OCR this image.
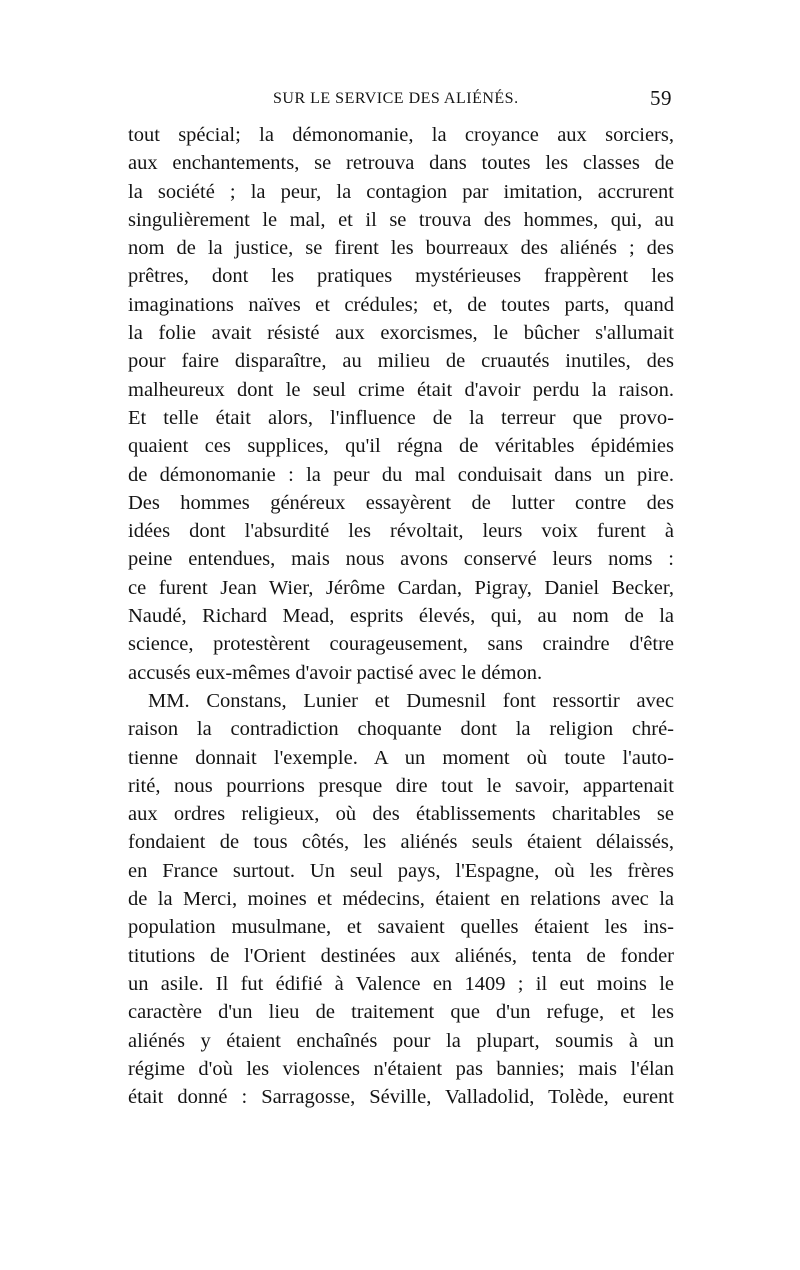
SUR LE SERVICE DES ALIÉNÉS.	59
tout spécial; la démonomanie, la croyance aux sorciers,
aux enchantements, se retrouva dans toutes les classes de
la société ; la peur, la contagion par imitation, accrurent
singulièrement le mal, et il se trouva des hommes, qui, au
nom de la justice, se firent les bourreaux des aliénés ; des
prêtres, dont les pratiques mystérieuses frappèrent les
imaginations naïves et crédules; et, de toutes parts, quand
la folie avait résisté aux exorcismes, le bûcher s'allumait
pour faire disparaître, au milieu de cruautés inutiles, des
malheureux dont le seul crime était d'avoir perdu la raison.
Et telle était alors, l'influence de la terreur que provo-
quaient ces supplices, qu'il régna de véritables épidémies
de démonomanie : la peur du mal conduisait dans un pire.
Des hommes généreux essayèrent de lutter contre des
idées dont l'absurdité les révoltait, leurs voix furent à
peine entendues, mais nous avons conservé leurs noms :
ce furent Jean Wier, Jérôme Cardan, Pigray, Daniel Becker,
Naudé, Richard Mead, esprits élevés, qui, au nom de la
science, protestèrent courageusement, sans craindre d'être
accusés eux-mêmes d'avoir pactisé avec le démon.
MM. Constans, Lunier et Dumesnil font ressortir avec
raison la contradiction choquante dont la religion chré-
tienne donnait l'exemple. A un moment où toute l'auto-
rité, nous pourrions presque dire tout le savoir, appartenait
aux ordres religieux, où des établissements charitables se
fondaient de tous côtés, les aliénés seuls étaient délaissés,
en France surtout. Un seul pays, l'Espagne, où les frères
de la Merci, moines et médecins, étaient en relations avec la
population musulmane, et savaient quelles étaient les ins-
titutions de l'Orient destinées aux aliénés, tenta de fonder
un asile. Il fut édifié à Valence en 1409 ; il eut moins le
caractère d'un lieu de traitement que d'un refuge, et les
aliénés y étaient enchaînés pour la plupart, soumis à un
régime d'où les violences n'étaient pas bannies; mais l'élan
était donné : Sarragosse, Séville, Valladolid, Tolède, eurent
